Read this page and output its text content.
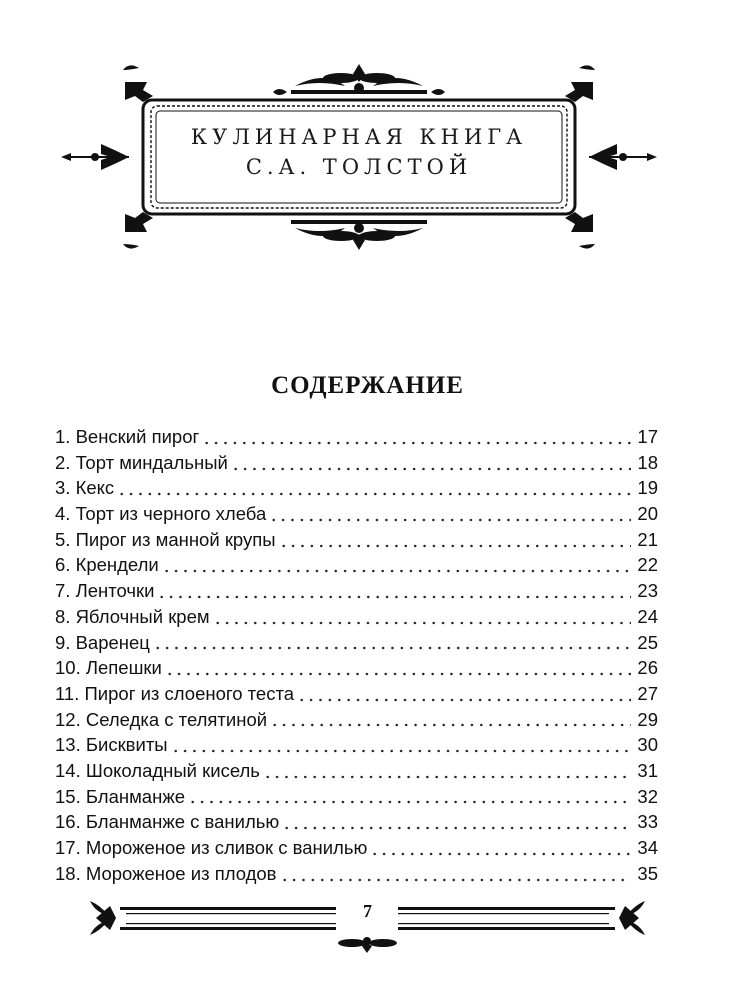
КУЛИНАРНАЯ КНИГА
С.А. ТОЛСТОЙ
СОДЕРЖАНИЕ
1. Венский пирог	17
2. Торт миндальный	18
3. Кекс	19
4. Торт из черного хлеба	20
5. Пирог из манной крупы	21
6. Крендели	22
7. Ленточки	23
8. Яблочный крем	24
9. Варенец	25
10. Лепешки	26
11. Пирог из слоеного теста	27
12. Селедка с телятиной	29
13. Бисквиты	30
14. Шоколадный кисель	31
15. Бланманже	32
16. Бланманже с ванилью	33
17. Мороженое из сливок с ванилью	34
18. Мороженое из плодов	35
7
